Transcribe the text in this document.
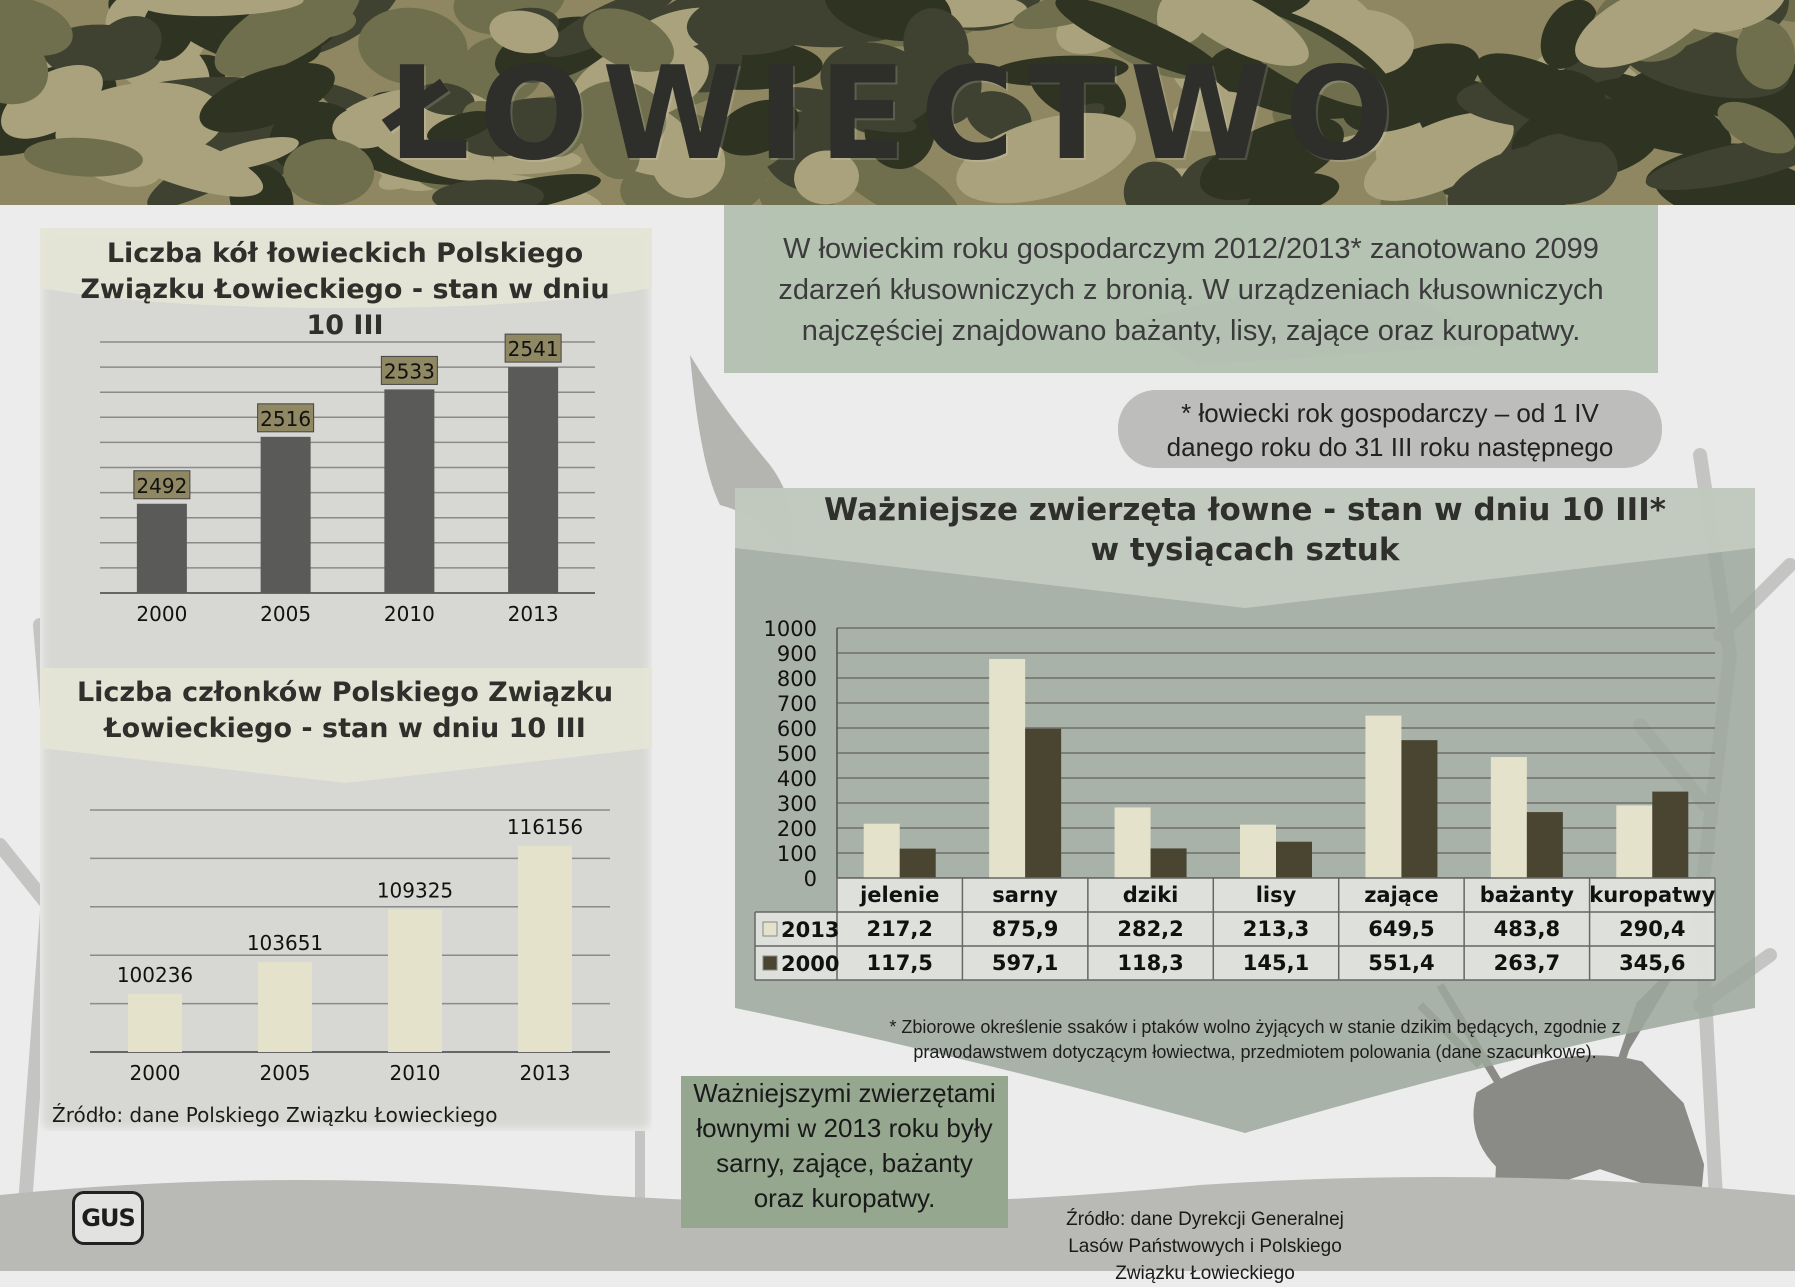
ŁOWIECTWO
Liczba kół łowieckich Polskiego Związku Łowieckiego - stan w dniu 10 III
2492
2000
2516
2005
2533
2010
2541
2013
Liczba członków Polskiego Związku Łowieckiego - stan w dniu 10 III
100236
2000
103651
2005
109325
2010
116156
2013
Źródło: dane Polskiego Związku Łowieckiego
W łowieckim roku gospodarczym 2012/2013* zanotowano 2099 zdarzeń kłusowniczych z bronią. W urządzeniach kłusowniczych najczęściej znajdowano bażanty, lisy, zające oraz kuropatwy.
* łowiecki rok gospodarczy – od 1 IV danego roku do 31 III roku następnego
Ważniejsze zwierzęta łowne - stan w dniu 10 III*
w tysiącach sztuk
0
100
200
300
400
500
600
700
800
900
1000
jelenie
217,2
117,5
sarny
875,9
597,1
dziki
282,2
118,3
lisy
213,3
145,1
zające
649,5
551,4
bażanty
483,8
263,7
kuropatwy
290,4
345,6
2013
2000
* Zbiorowe określenie ssaków i ptaków wolno żyjących w stanie dzikim będących, zgodnie z prawodawstwem dotyczącym łowiectwa, przedmiotem polowania (dane szacunkowe).
Ważniejszymi zwierzętami łownymi w 2013 roku były sarny, zające, bażanty oraz kuropatwy.
Źródło: dane Dyrekcji Generalnej Lasów Państwowych i Polskiego Związku Łowieckiego
GUS
